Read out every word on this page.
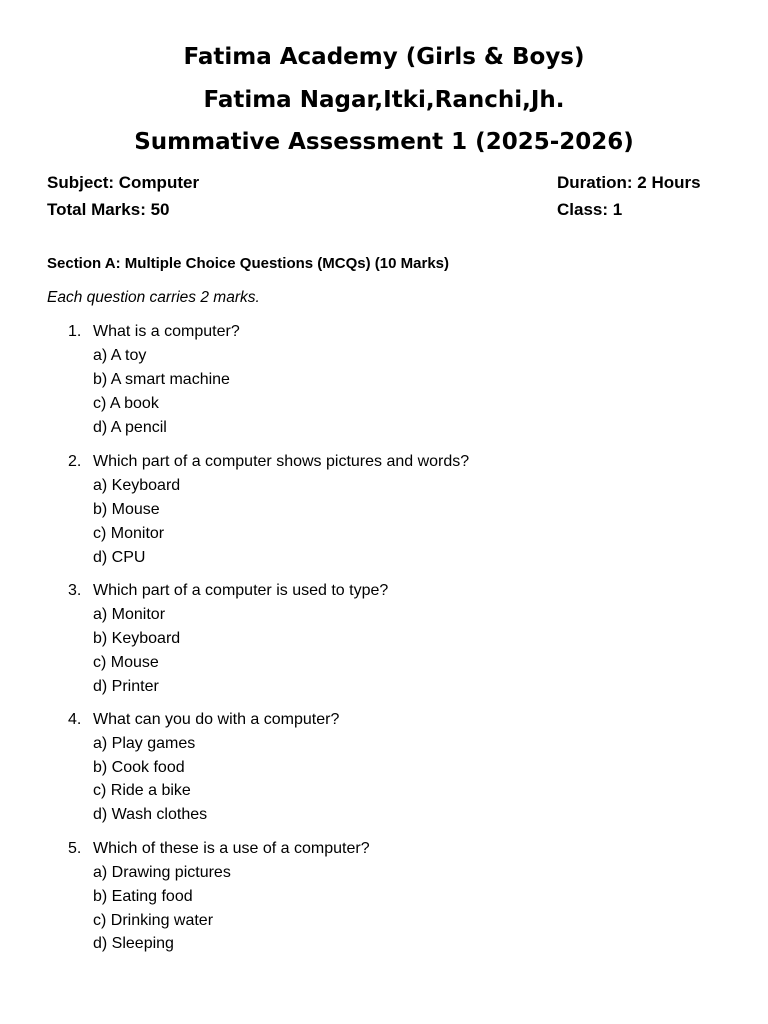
Fatima Academy (Girls & Boys)
Fatima Nagar,Itki,Ranchi,Jh.
Summative Assessment 1 (2025-2026)
Subject: Computer
Total Marks: 50
Duration: 2 Hours
Class: 1
Section A: Multiple Choice Questions (MCQs) (10 Marks)
Each question carries 2 marks.
1. What is a computer?
a) A toy
b) A smart machine
c) A book
d) A pencil
2. Which part of a computer shows pictures and words?
a) Keyboard
b) Mouse
c) Monitor
d) CPU
3. Which part of a computer is used to type?
a) Monitor
b) Keyboard
c) Mouse
d) Printer
4. What can you do with a computer?
a) Play games
b) Cook food
c) Ride a bike
d) Wash clothes
5. Which of these is a use of a computer?
a) Drawing pictures
b) Eating food
c) Drinking water
d) Sleeping
